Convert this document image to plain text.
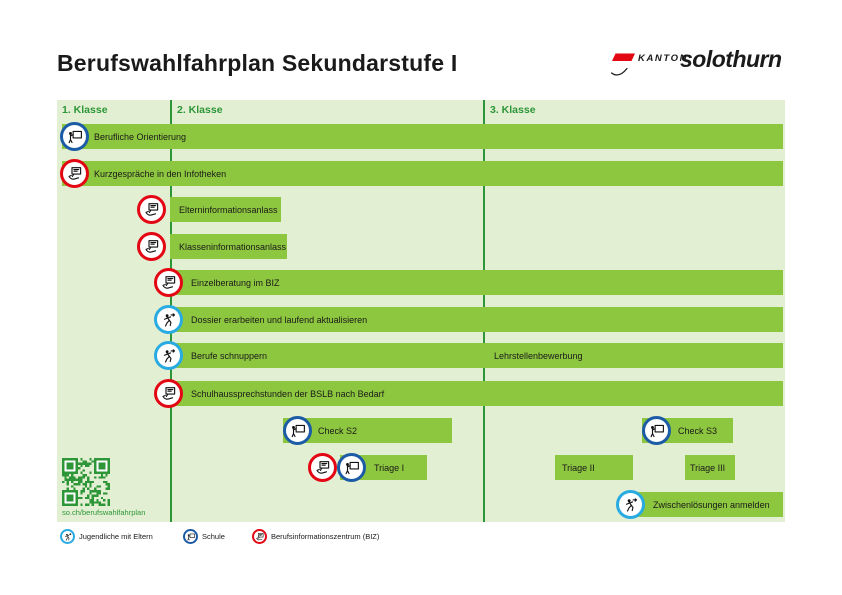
Berufswahlfahrplan Sekundarstufe I	KANTON
solothurn
1. Klasse	2. Klasse	3. Klasse
Berufliche Orientierung
Kurzgespräche in den Infotheken
Elterninformationsanlass
Klasseninformationsanlass
Einzelberatung im BIZ
Dossier erarbeiten und laufend aktualisieren
Berufe schnuppern	Lehrstellenbewerbung
Schulhaussprechstunden der BSLB nach Bedarf
Check S2	Check S3
Triage I	Triage II	Triage III
Zwischenlösungen anmelden
so.ch/berufswahlfahrplan
Jugendliche mit Eltern	Schule	Berufsinformationszentrum (BIZ)
